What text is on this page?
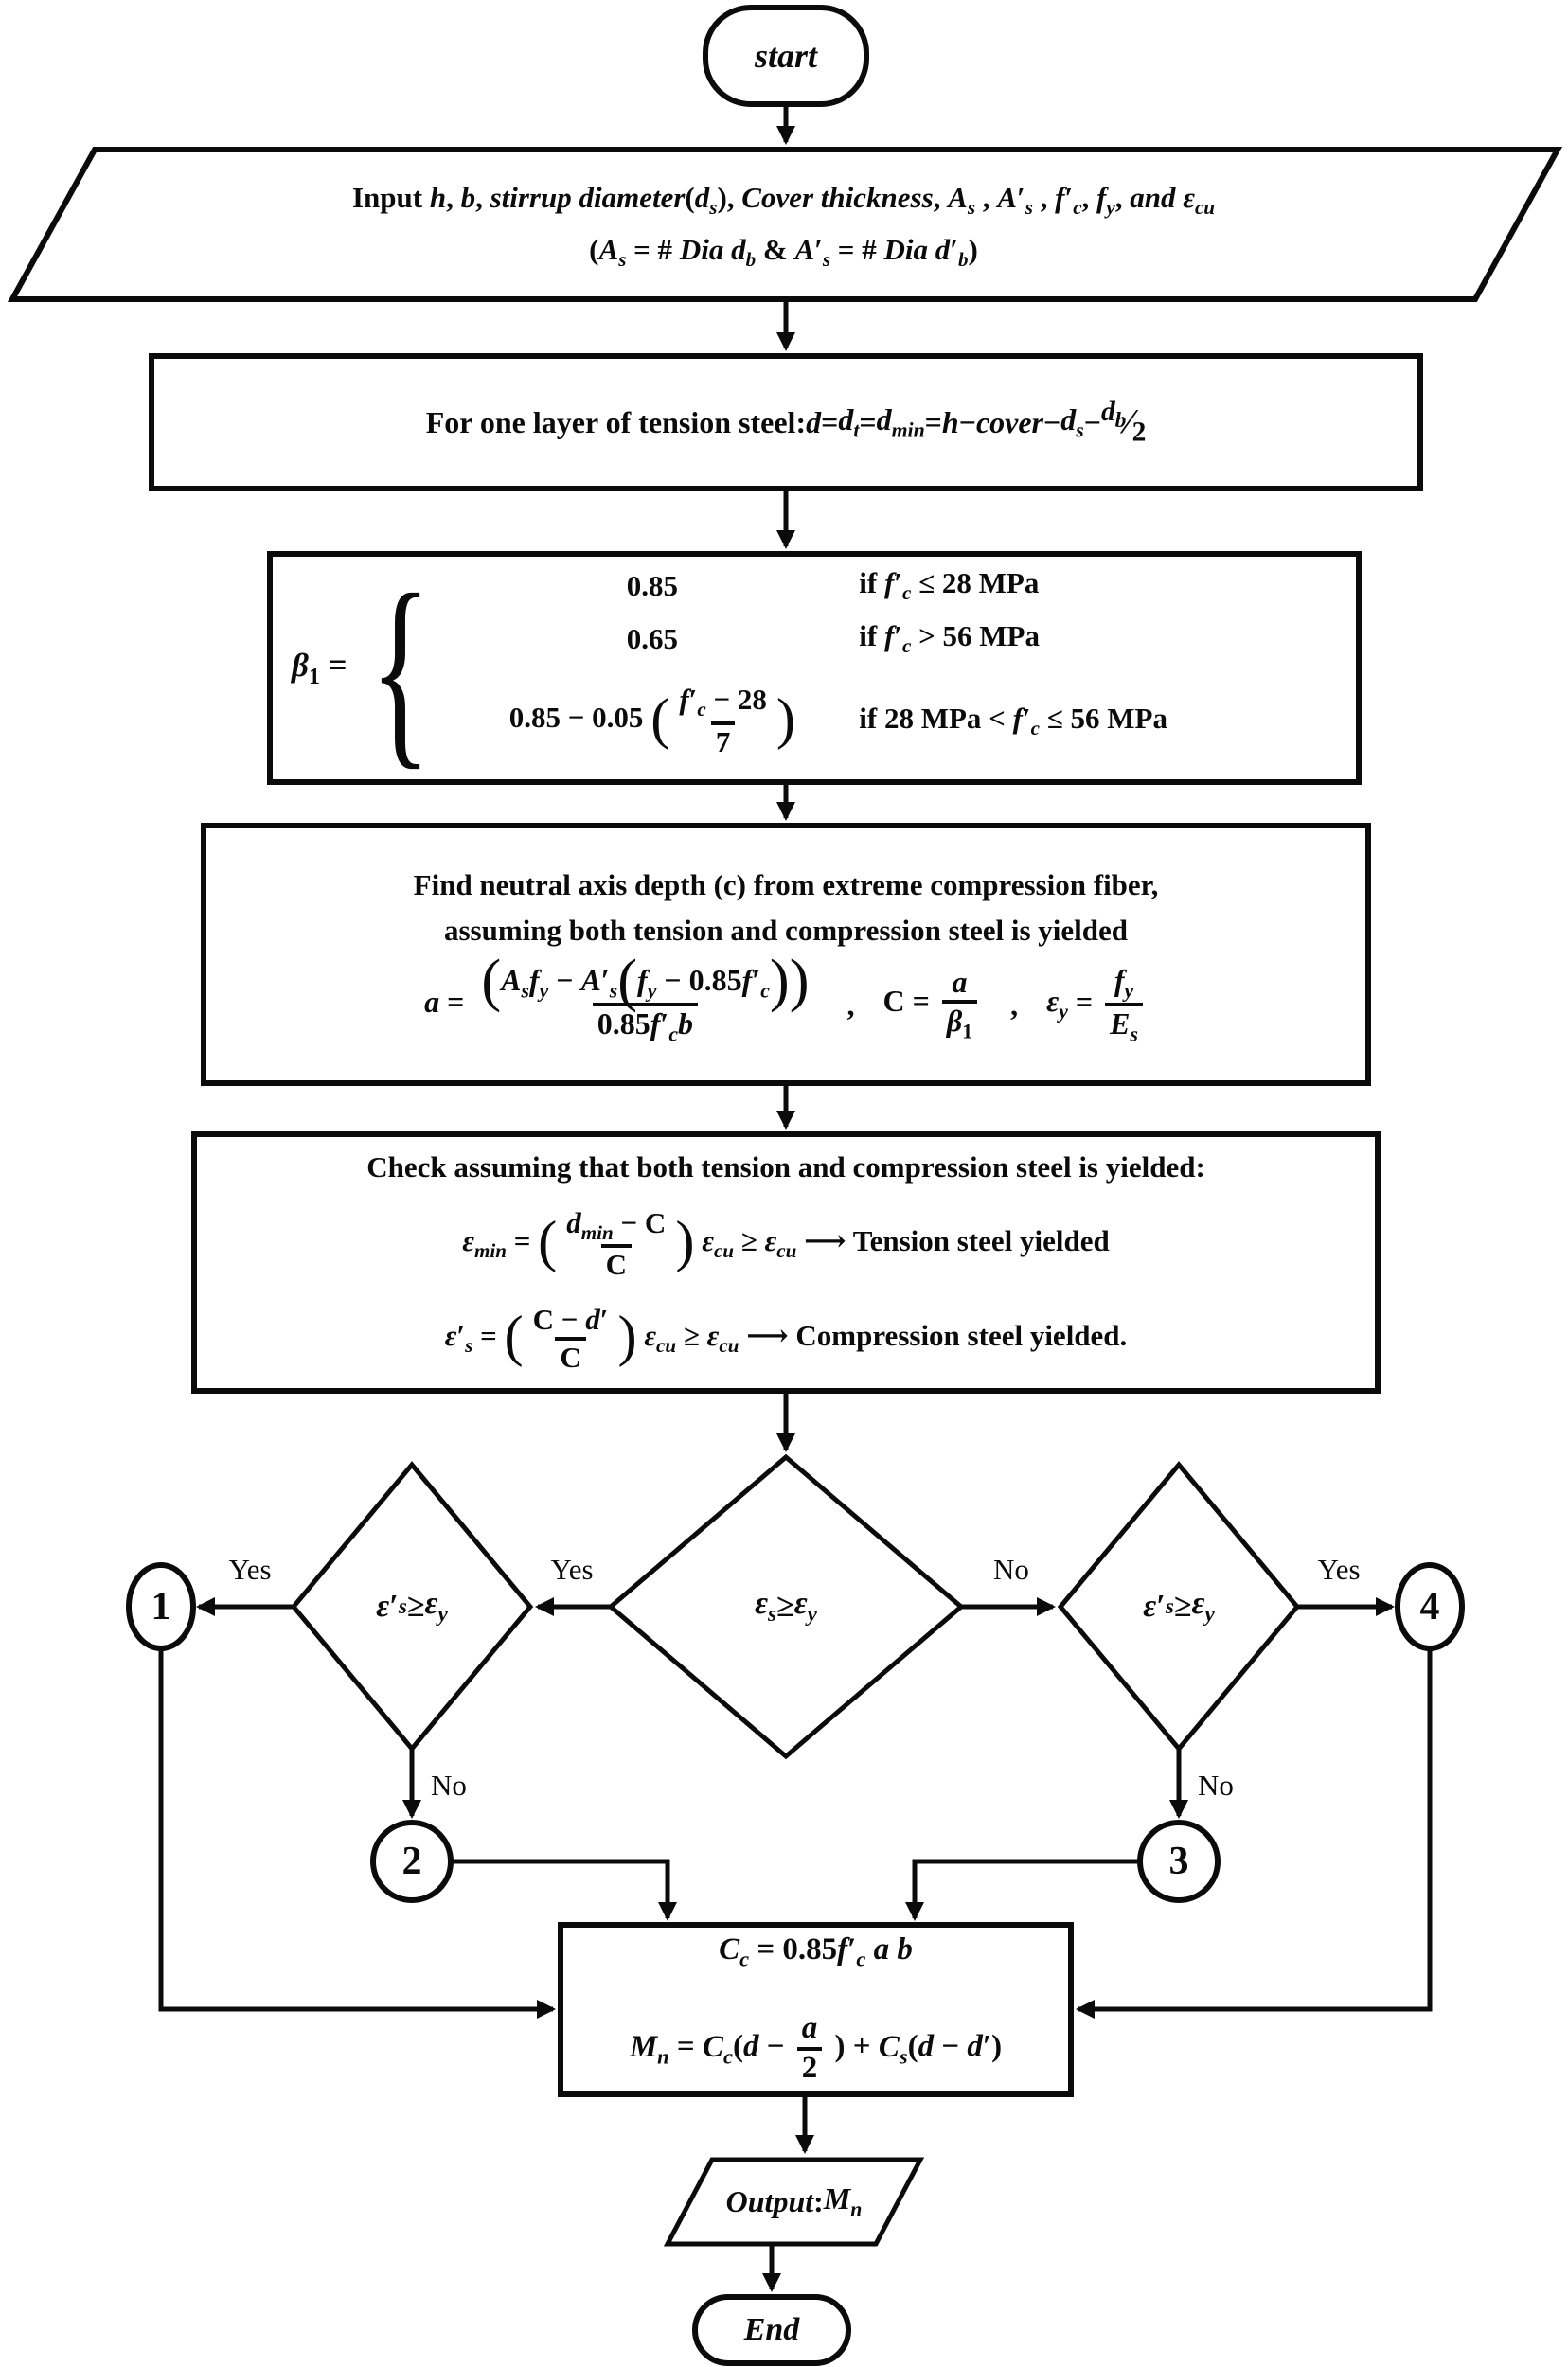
start
Input h, b, stirrup $diameter(d_s)$, Cover thickness, $A_s$ , $A'_s$ , $f'_c$, $f_y$, and $\varepsilon_{cu}$
($A_s$ = # Dia $d_b$ & $A'_s$ = # Dia $d'_b$)
For one layer of tension steel: $d = d_t = d_{min} = h$ − cover − $d_s$ − $^{d_b}⁄_2$
$\beta_1$ = {	0.85	if $f'_c \le 28$ MPa
0.65	if $f'_c > 56$ MPa
0.85 − 0.05 ( $\frac{f'_c - 28}{7}$ )	if 28 MPa < $f'_c \le 56$ MPa
Find neutral axis depth (c) from extreme compression fiber,
assuming both tension and compression steel is yielded
$a = (A_sf_y - A'_s(f_y - 0.85f'_c))$
$0.85f'_cb$
, $C = \frac{a}{\beta_1}$ , $\varepsilon_y = \frac{f_y}{E_s}$
Check assuming that both tension and compression steel is yielded:
$\varepsilon_{min}$ = ( $d_{min} - C$
C ) $\varepsilon_{cu} \ge \varepsilon_{cu}$ ⟶ Tension steel yielded
$\varepsilon'_s$ = ( $\frac{C - d'}{C}$ ) $\varepsilon_{cu} \ge \varepsilon_{cu}$ ⟶ Compression steel yielded.
ε ′ $s \ge \varepsilon_y$	$\varepsilon_s \ge \varepsilon_y$	ε ′ $s \ge \varepsilon_y$
1
2	3
4
Yes	Yes	No	Yes
No	No
$C_c = 0.85f'_c$ a b
$M_n = C_c(d - \frac{a}{2}$ ) + $C_s(d - d')$
Output : $M_n$
End
